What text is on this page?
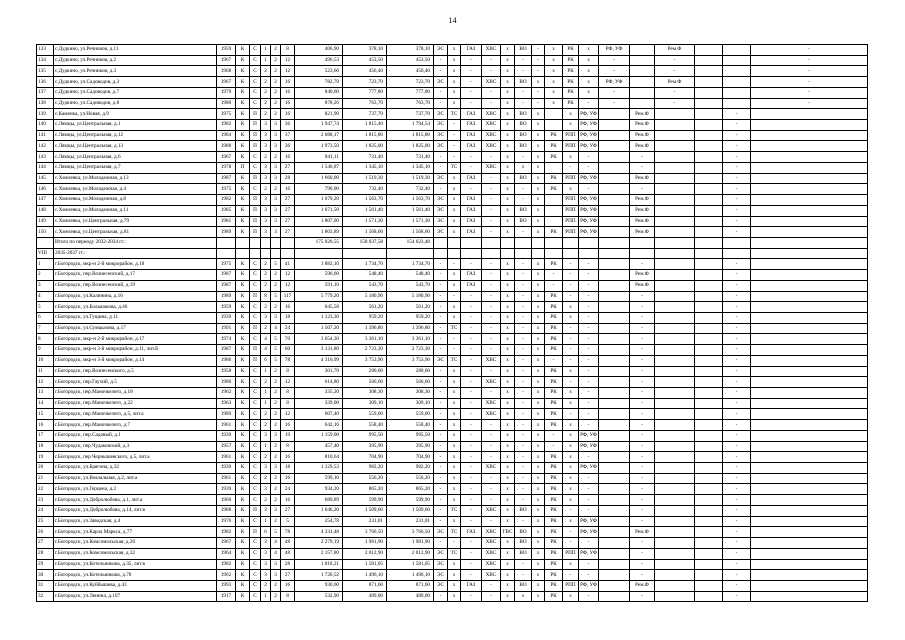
14
133	с.Дудкино, ул.Речников, д.11	1959	К	С	1	2	8	406,90	378,10	378,10	ЭС	х	ГАЗ	ХВС	х	ВО	-	х	РК	х	РФ, УФ		Рем.Ф			-
134	с.Дудкино, ул.Речников, д.2	1967	К	С	1	2	12	496,53	453,50	453,50	-	х	-	-	х	-	-	х	РК	х	-		-			-
135	с.Дудкино, ул.Речников, д.3	1968	К	С	2	2	12	523,60	456,40	456,40	-	х	-	-	х	-	-	х	РК	х	-		-			-
136	с.Дудкино, ул.Садоводов, д.3	1967	К	С	2	2	16	782,70	723,70	723,70	ЭС	х	-	ХВС	х	ВО	х	х	РК	х	РФ, УФ		Рем.Ф			-
137	с.Дудкино, ул.Садоводов, д.7	1979	К	С	2	2	16	840,60	777,80	777,80	-	х	-	-	х	-	-	х	РК	х	-		-			-
138	с.Дудкино, ул.Садоводов, д.8	1980	К	С	2	2	16	878,26	763,70	763,70	-	х	-	-	х	-	-	х	РК	-	-		-			-
139	с.Каменка, ул.Новая, д.9	1975	К	П	2	2	16	821,90	737,70	737,70	ЭС	ТС	ГАЗ	ХВС	х	ВО	х		х	РФ, УФ		Рем.Ф			-	
140	с.Лямцы, ул.Центральная, д.1	1982	К	П	3	3	36	1 947,74	1 815,40	1 794,54	ЭС	-	ГАЗ	ХВС	х	ВО	х		х	РФ, УФ		Рем.Ф			-	
141	с.Лямцы, ул.Центральная, д.12	1984	К	П	3	3	37	2 088,17	1 815,80	1 815,80	ЭС	-	ГАЗ	ХВС	х	ВО	х	РК	РПП	РФ, УФ		Рем.Ф			-	
142	с.Лямцы, ул.Центральная, д.13	1988	К	П	3	3	36	1 973,50	1 825,00	1 825,00	ЭС	-	ГАЗ	ХВС	х	ВО	х	РК	РПП	РФ, УФ		Рем.Ф			-	
143	с.Лямцы, ул.Центральная, д.6	1967	К	С	2	2	16	841,11	731,40	731,40	-	-	-	-	х	-	х	РК	х	-		-			-	
144	с.Лямцы, ул.Центральная, д.7	1978	П	С	3	3	27	1 546,87	1 345,10	1 345,10	-	ТС	-	ХВС	х	х	х		-	-		-			-	
145	с.Хмелевка, ул.Молодежная, д.13	1987	К	П	3	3	28	1 660,00	1 519,30	1 519,30	ЭС	х	ГАЗ	-	х	ВО	х	РК	РПП	РФ, УФ		Рем.Ф			-	
146	с.Хмелевка, ул.Молодежная, д.4	1975	К	С	2	2	16	790,00	732,40	732,40	-	х	-	-	х	-	х	РК	х	-		-			-	
147	с.Хмелевка, ул.Молодежная, д.8	1982	К	П	3	3	27	1 679,20	1 563,70	1 563,70	ЭС	х	ГАЗ	-	х	-	х		РПП	РФ, УФ		Рем.Ф			-	
148	с.Хмелевка, ул.Молодежная, д.11	1985	К	П	3	3	27	1 671,50	1 561,40	1 561,40	ЭС	х	ГАЗ	-	х	ВО	х		РПП	РФ, УФ		Рем.Ф			-	
149	с.Хмелевка, ул.Центральная, д.79	1981	К	П	3	3	27	1 807,00	1 571,30	1 571,30	ЭС	х	ГАЗ	-	х	ВО	х		РПП	РФ, УФ		Рем.Ф			-	
150	с.Хмелевка, ул.Центральная, д.81	1989	К	П	3	3	27	1 803,89	1 568,60	1 568,60	ЭС	х	ГАЗ	-	х	-	х	РК	РПП	РФ, УФ		Рем.Ф			-	
	Итого по периоду 2032-2034 гг.:							175 020,55	158 037,58	154 623,48																
VIII	2035-2037 гг.:																									
1	г.Богородск, мкр-н 2-й микрорайон, д.18	1975	К	С	2	5	41	1 882,10	1 734,70	1 734,70	-	-	-	-	х	-	х	РК	-	-		-			-	
2	г.Богородск, пер.Вознесенский, д.17	1987	К	С	2	2	12	596,60	548,40	548,40	-	х	ГАЗ	-	х	-	х	-	-	-		Рем.Ф			-	
3	г.Богородск, пер.Вознесенский, д.19	1987	К	С	2	2	12	591,10	543,70	543,70	-	х	ГАЗ	-	х	-	х	-	-	-		Рем.Ф			-	
4	г.Богородск, ул.Калинина, д.16	1989	К	П	8	5	117	5 779,20	5 180,90	5 180,90	-	-	-	-	х	-	х	РК	-	-		-			-	
5	г.Богородск, ул.Большакова, д.46	1959	К	С	2	2	16	645,58	561,20	561,20	-	х	-	-	х	-	х	РК	х	-		-			-	
6	г.Богородск, ул.Гущина, д.11	1939	К	С	3	3	18	1 123,30	959,20	959,20	-	х	-	-	х	-	х	РК	х	-		-			-	
7	г.Богородск, ул.Сумцызова, д.17	1991	К	П	2	4	24	1 507,20	1 396,80	1 396,80	-	ТС	-	-	х	-	х	РК	-	-		-			-	
8	г.Богородск, мкр-н 2-й микрорайон, д.17	1974	К	С	4	5	70	3 654,30	3 361,10	3 361,10	-	-	-	-	х	-	х	РК	-	-		-			-	
9	г.Богородск, мкр-н 3-й микрорайон, д.11, лит.Б	1987	К	П	4	5	60	3 131,80	2 723,30	2 723,30	-	-	-	-	х	-	х	РК	-	-		-			-	
10	г.Богородск, мкр-н 3-й микрорайон, д.14	1986	К	П	6	5	78	4 316,99	3 753,90	3 753,90	ЭС	ТС	-	ХВС	х	-	х	-	-	-		-			-	
11	г.Богородск, пер.Вознесенского, д.5	1958	К	С	1	2	8	301,70	280,60	280,60	-	х	-	-	х	-	х	РК	х	-		-			-	
12	г.Богородск, пер.Гаухий, д.5	1980	К	С	2	2	12	614,80	566,60	566,60	-	х	-	ХВС	х	-	х	РК	-	-		-			-	
13	г.Богородск, пер.Маночкелего, д.18	1962	К	С	1	2	8	335,20	308,30	308,30	-	х	-	-	х	-	х	РК	х	-		-			-	
14	г.Богородск, пер.Маночкелего, д.22	1963	К	С	1	2	8	339,00	309,10	309,10	-	х	-	ХВС	х	-	х	РК	х	-		-			-	
15	г.Богородск, пер.Маночкелего, д.5, лит.а	1989	К	С	2	2	12	607,40	559,00	559,00	-	х	-	ХВС	х	-	х	РК	-	-		-			-	
16	г.Богородск, пер.Маночкелего, д.7	1961	К	С	2	2	16	642,16	558,40	558,40	-	х	-	-	х	-	х	РК	х	-		-			-	
17	г.Богородск, пер.Садовый, д.1	1939	К	С	3	3	19	1 159,00	995,50	995,50	-	х	-	-	х	-	х	-	х	РФ, УФ		-			-	
18	г.Богородск, пер.Чудаковский, д.3	1957	К	С	1	2	8	457,40	395,90	395,90	-	х	-	-	х	-	х	-	х	РФ, УФ		-			-	
19	г.Богородск, пер.Чернышевского, д.5, лит.а	1961	К	С	2	2	16	810,64	704,90	704,90	-	х	-	-	х	-	х	РК	х	-		-			-	
20	г.Богородск, ул.Брягина, д.32	1939	К	С	3	3	18	1 129,53	982,20	982,20	-	х	-	ХВС	х	-	х	РК	х	РФ, УФ		-			-	
21	г.Богородск, ул.Вокзальная, д.2, лит.а	1961	К	С	2	2	16	599,10	556,20	556,20	-	х	-	-	х	-	х	РК	х	-		-			-	
22	г.Богородск, ул.Герцена, д.2	1939	К	С	3	2	24	934,20	865,20	865,20	-	х	-	-	х	-	х	РК	х	-		-			-	
23	г.Богородск, ул.Добролюбова, д.1, лит.а	1960	К	С	2	2	16	689,89	599,90	599,90	-	х	-	-	х	-	х	РК	х	-		-			-	
24	г.Богородск, ул.Добролюбова, д.14, лит.в	1988	К	П	3	3	27	1 646,20	1 509,60	1 509,60	-	ТС	-	ХВС	х	ВО	х	РК	-	-		-			-	
25	г.Богородск, ул.Заводская, д.4	1976	К	С	1	2	5	254,78	231,01	231,01	-	х	-	-	х	-	х	РК	х	РФ, УФ		-			-	
26	г.Богородск, ул.Карла Маркса, д.77	1982	К	П	6	5	78	4 331,48	3 766,50	3 766,50	ЭС	ТС	ГАЗ	ХВС	ГВС	ВО	х	РК	-	РФ, УФ		Рем.Ф			-	
27	г.Богородск, ул.Комсомольская, д.20	1967	К	С	3	4	48	2 279,19	1 981,90	1 981,90	-	-	-	ХВС	х	ВО	х	РК	-	-		-			-	
28	г.Богородск, ул.Комсомольская, д.32	1964	К	С	3	4	48	2 157,80	2 012,90	2 012,90	ЭС	ТС	-	ХВС	х	ВО	х	РК	РПП	РФ, УФ		-			-	
29	г.Богородск, ул.Котельникова, д.35, лит.в	1982	К	С	3	3	28	1 818,21	1 581,05	1 581,05	ЭС	х	-	ХВС	х	-	х	РК	х	-		-			-	
30	г.Богородск, ул.Котельникова, д.70	1962	К	С	3	3	27	1 720,52	1 496,10	1 496,10	ЭС	х	-	ХВС	х	-	х	РК	-	-		-			-	
31	г.Богородск, ул.Куйбышева, д.43	1993	К	С	2	2	16	930,60	871,60	871,60	ЭС	х	ГАЗ	-	х	ВО	х	РК	РПП	РФ, УФ		Рем.Ф			-	
32	г.Богородск, ул.Ленина, д.107	1917	К	С	1	2	8	532,90	489,00	489,00	-	х	-	-	х	х	х	РК	х	-		-			-	
